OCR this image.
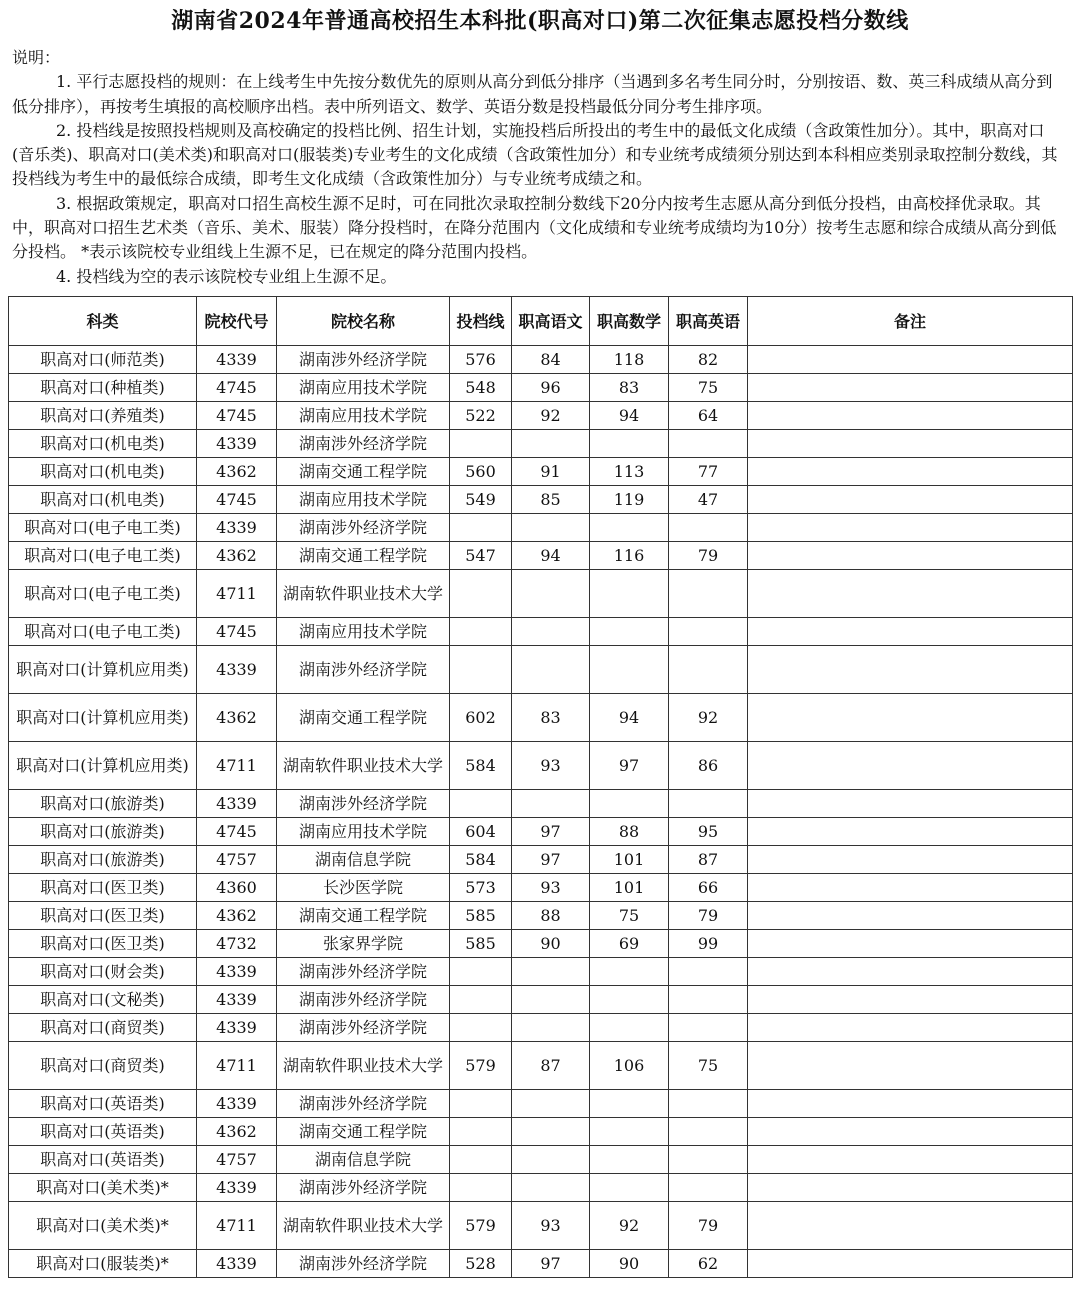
湖南省2024年普通高校招生本科批(职高对口)第二次征集志愿投档分数线

说明：

1. 平行志愿投档的规则：在上线考生中先按分数优先的原则从高分到低分排序（当遇到多名考生同分时，分别按语、数、英三科成绩从高分到低分排序），再按考生填报的高校顺序出档。表中所列语文、数学、英语分数是投档最低分同分考生排序项。

2. 投档线是按照投档规则及高校确定的投档比例、招生计划，实施投档后所投出的考生中的最低文化成绩（含政策性加分）。其中，职高对口(音乐类)、职高对口(美术类)和职高对口(服装类)专业考生的文化成绩（含政策性加分）和专业统考成绩须分别达到本科相应类别录取控制分数线，其投档线为考生中的最低综合成绩，即考生文化成绩（含政策性加分）与专业统考成绩之和。

3. 根据政策规定，职高对口招生高校生源不足时，可在同批次录取控制分数线下20分内按考生志愿从高分到低分投档，由高校择优录取。其中，职高对口招生艺术类（音乐、美术、服装）降分投档时，在降分范围内（文化成绩和专业统考成绩均为10分）按考生志愿和综合成绩从高分到低分投档。 *表示该院校专业组线上生源不足，已在规定的降分范围内投档。

4. 投档线为空的表示该院校专业组上生源不足。

科类	院校代号	院校名称	投档线	职高语文	职高数学	职高英语	备注
职高对口(师范类)	4339	湖南涉外经济学院	576	84	118	82	
职高对口(种植类)	4745	湖南应用技术学院	548	96	83	75	
职高对口(养殖类)	4745	湖南应用技术学院	522	92	94	64	
职高对口(机电类)	4339	湖南涉外经济学院					
职高对口(机电类)	4362	湖南交通工程学院	560	91	113	77	
职高对口(机电类)	4745	湖南应用技术学院	549	85	119	47	
职高对口(电子电工类)	4339	湖南涉外经济学院					
职高对口(电子电工类)	4362	湖南交通工程学院	547	94	116	79	
职高对口(电子电工类)	4711	湖南软件职业技术大学					
职高对口(电子电工类)	4745	湖南应用技术学院					
职高对口(计算机应用类)	4339	湖南涉外经济学院					
职高对口(计算机应用类)	4362	湖南交通工程学院	602	83	94	92	
职高对口(计算机应用类)	4711	湖南软件职业技术大学	584	93	97	86	
职高对口(旅游类)	4339	湖南涉外经济学院					
职高对口(旅游类)	4745	湖南应用技术学院	604	97	88	95	
职高对口(旅游类)	4757	湖南信息学院	584	97	101	87	
职高对口(医卫类)	4360	长沙医学院	573	93	101	66	
职高对口(医卫类)	4362	湖南交通工程学院	585	88	75	79	
职高对口(医卫类)	4732	张家界学院	585	90	69	99	
职高对口(财会类)	4339	湖南涉外经济学院					
职高对口(文秘类)	4339	湖南涉外经济学院					
职高对口(商贸类)	4339	湖南涉外经济学院					
职高对口(商贸类)	4711	湖南软件职业技术大学	579	87	106	75	
职高对口(英语类)	4339	湖南涉外经济学院					
职高对口(英语类)	4362	湖南交通工程学院					
职高对口(英语类)	4757	湖南信息学院					
职高对口(美术类)*	4339	湖南涉外经济学院					
职高对口(美术类)*	4711	湖南软件职业技术大学	579	93	92	79	
职高对口(服装类)*	4339	湖南涉外经济学院	528	97	90	62	
